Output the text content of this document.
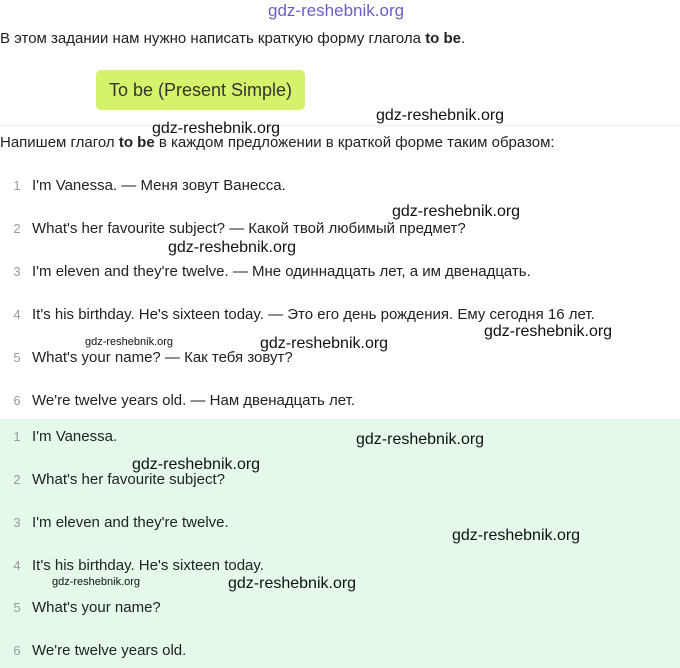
gdz-reshebnik.org
В этом задании нам нужно написать краткую форму глагола to be.
To be (Present Simple)
Напишем глагол to be в каждом предложении в краткой форме таким образом:
1 I'm Vanessa. — Меня зовут Ванесса.
2 What's her favourite subject? — Какой твой любимый предмет?
3 I'm eleven and they're twelve. — Мне одиннадцать лет, а им двенадцать.
4 It's his birthday. He's sixteen today. — Это его день рождения. Ему сегодня 16 лет.
5 What's your name? — Как тебя зовут?
6 We're twelve years old. — Нам двенадцать лет.
1 I'm Vanessa.
2 What's her favourite subject?
3 I'm eleven and they're twelve.
4 It's his birthday. He's sixteen today.
5 What's your name?
6 We're twelve years old.
gdz-reshebnik.org
gdz-reshebnik.org
gdz-reshebnik.org
gdz-reshebnik.org
gdz-reshebnik.org
gdz-reshebnik.org	gdz-reshebnik.org
gdz-reshebnik.org
gdz-reshebnik.org
gdz-reshebnik.org
gdz-reshebnik.org	gdz-reshebnik.org
